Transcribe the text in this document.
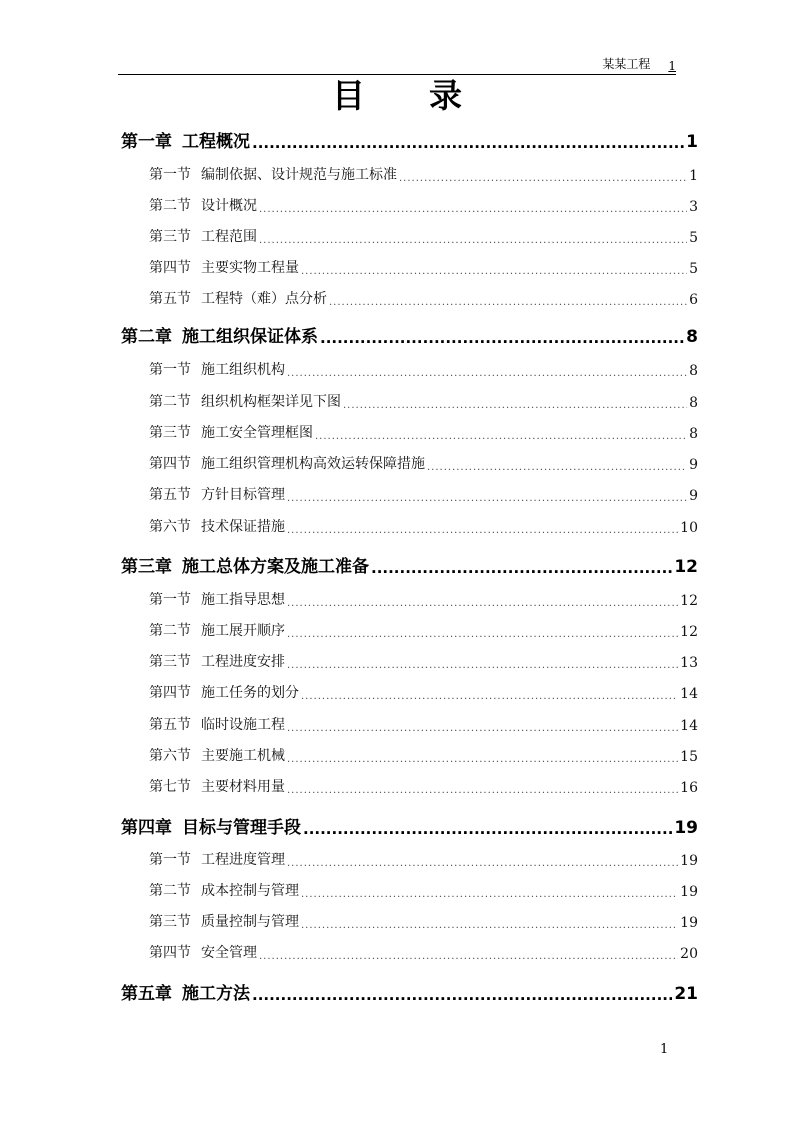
某某工程 1
目 录
第一章 工程概况 .....	1
第一节 编制依据、设计规范与施工标准 .....	1
第二节 设计概况 .....	3
第三节 工程范围 .....	5
第四节 主要实物工程量 .....	5
第五节 工程特（难）点分析 .....	6
第二章 施工组织保证体系 .....	8
第一节 施工组织机构 .....	8
第二节 组织机构框架详见下图 .....	8
第三节 施工安全管理框图 .....	8
第四节 施工组织管理机构高效运转保障措施 .....	9
第五节 方针目标管理 .....	9
第六节 技术保证措施 .....	10
第三章 施工总体方案及施工准备 .....	12
第一节 施工指导思想 .....	12
第二节 施工展开顺序 .....	12
第三节 工程进度安排 .....	13
第四节 施工任务的划分 .....	14
第五节 临时设施工程 .....	14
第六节 主要施工机械 .....	15
第七节 主要材料用量 .....	16
第四章 目标与管理手段 .....	19
第一节 工程进度管理 .....	19
第二节 成本控制与管理 .....	19
第三节 质量控制与管理 .....	19
第四节 安全管理 .....	20
第五章 施工方法 .....	21
1
